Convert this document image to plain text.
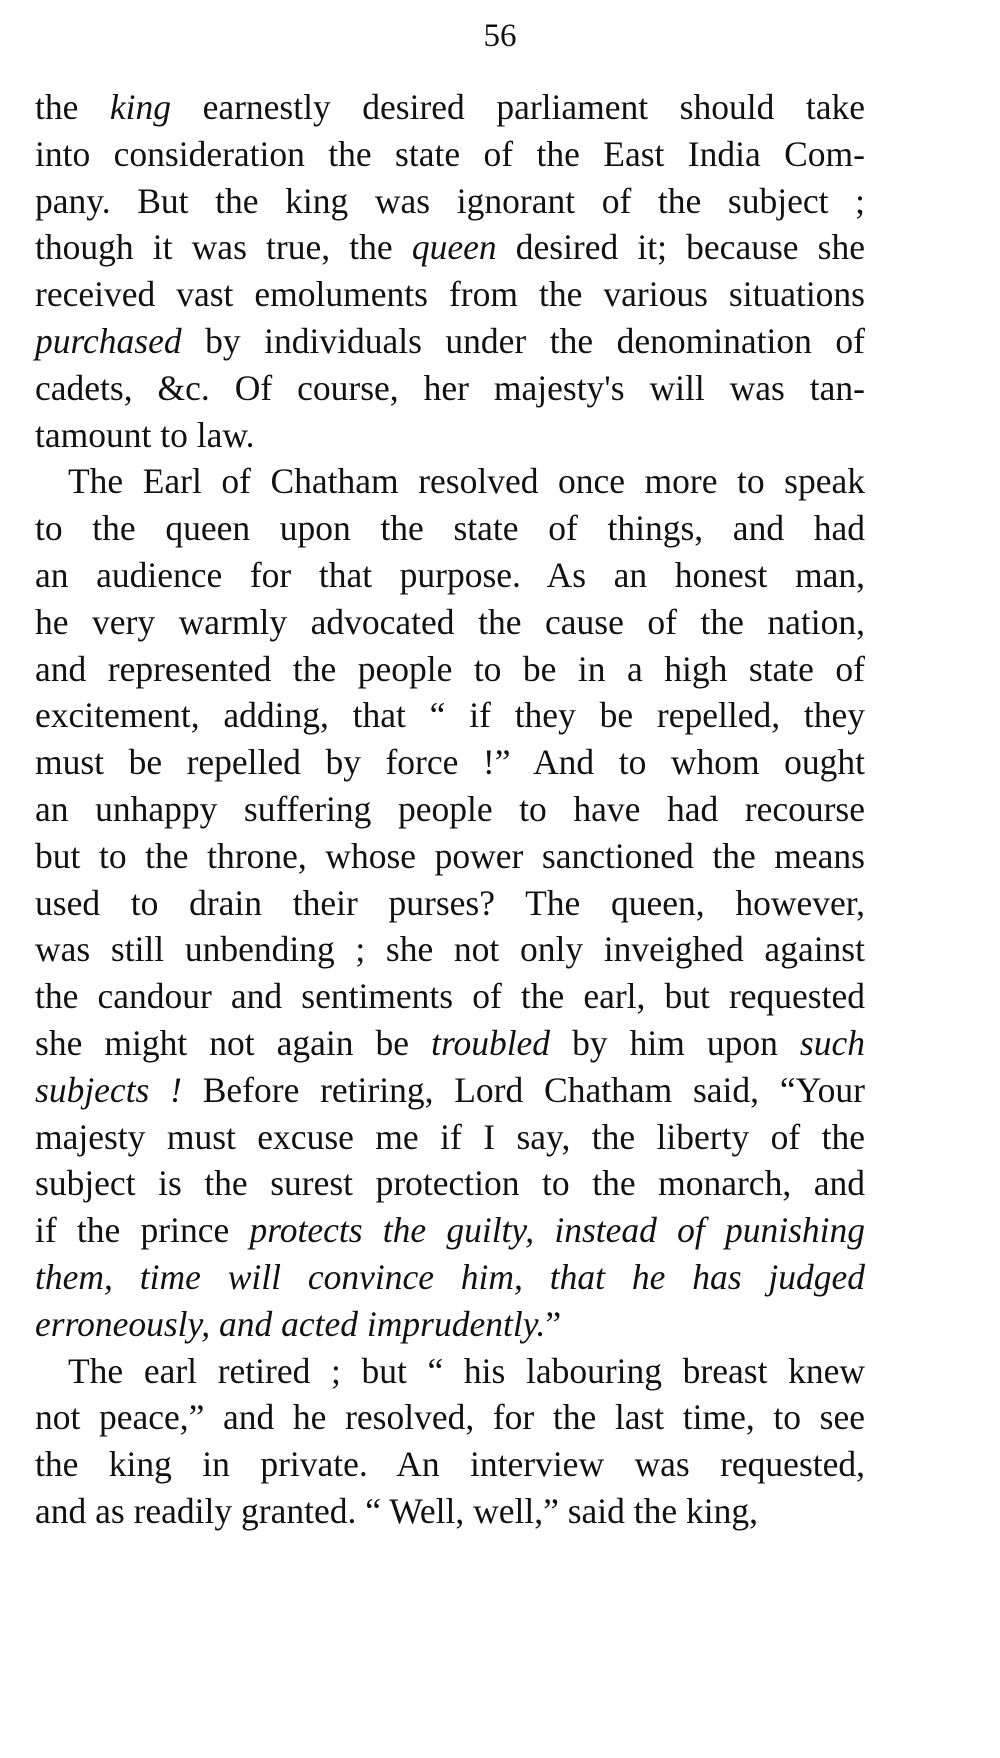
56
the king earnestly desired parliament should take
into consideration the state of the East India Com-
pany. But the king was ignorant of the subject ;
though it was true, the queen desired it; because she
received vast emoluments from the various situations
purchased by individuals under the denomination of
cadets, &c. Of course, her majesty's will was tan-
tamount to law.
The Earl of Chatham resolved once more to speak
to the queen upon the state of things, and had
an audience for that purpose. As an honest man,
he very warmly advocated the cause of the nation,
and represented the people to be in a high state of
excitement, adding, that “ if they be repelled, they
must be repelled by force !” And to whom ought
an unhappy suffering people to have had recourse
but to the throne, whose power sanctioned the means
used to drain their purses? The queen, however,
was still unbending ; she not only inveighed against
the candour and sentiments of the earl, but requested
she might not again be troubled by him upon such
subjects ! Before retiring, Lord Chatham said, “Your
majesty must excuse me if I say, the liberty of the
subject is the surest protection to the monarch, and
if the prince protects the guilty, instead of punishing
them, time will convince him, that he has judged
erroneously, and acted imprudently.”
The earl retired ; but “ his labouring breast knew
not peace,” and he resolved, for the last time, to see
the king in private. An interview was requested,
and as readily granted. “ Well, well,” said the king,
